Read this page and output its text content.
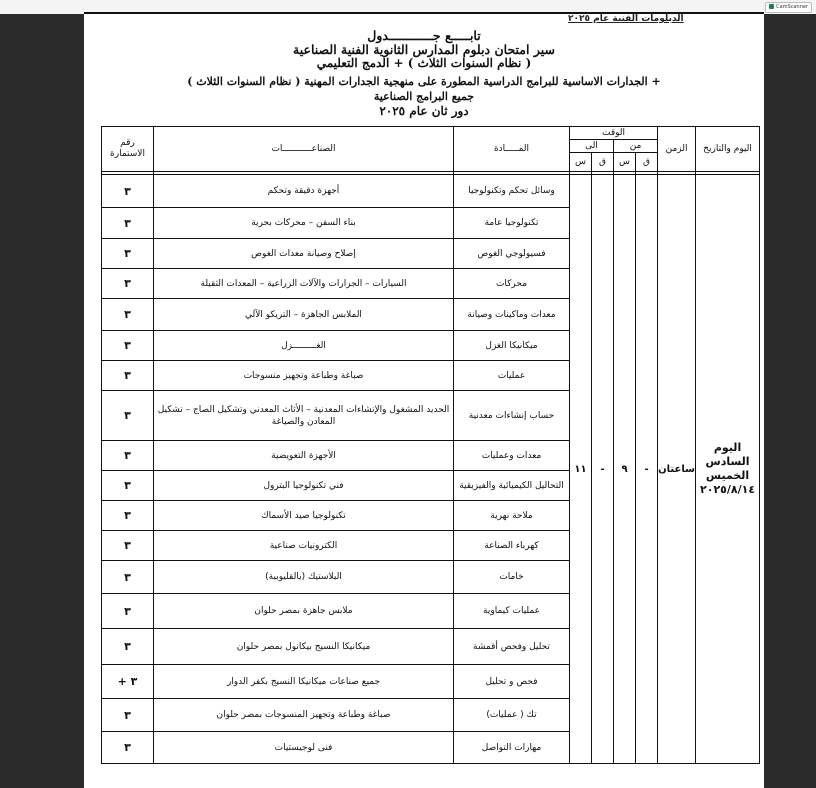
CamScanner
الدبلومات الفنية عام ٢٠٢٥
تابـــــع جــــــــــــدول
سير امتحان دبلوم المدارس الثانوية الفنية الصناعية
( نظام السنوات الثلاث ) + الدمج التعليمي
+ الجدارات الاساسية للبرامج الدراسية المطورة على منهجية الجدارات المهنية ( نظام السنوات الثلاث )
جميع البرامج الصناعية
دور ثان عام ٢٠٢٥
اليوم والتاريخ	الزمن	الوقت				المـــــادة	الصناعـــــــــــات	رقم الاستمارة
		من		الى				
		ق	س	ق	س			

اليوم السادس الخميس ٢٠٢٥/٨/١٤	ساعتان	-	٩	-	١١	وسائل تحكم وتكنولوجيا	أجهزة دقيقة وتحكم	٣
						تكنولوجيا عامة	بناء السفن – محركات بحرية	٣
						فسيولوجي الغوص	إصلاح وصيانة معدات الغوص	٣
						محركات	السيارات – الجرارات والآلات الزراعية – المعدات الثقيلة	٣
						معدات وماكينات وصيانة	الملابس الجاهزة – التريكو الآلي	٣
						ميكانيكا الغزل	الغـــــــــزل	٣
						عمليات	صباغة وطباعة وتجهيز منسوجات	٣
						حساب إنشاءات معدنية	الحديد المشغول والإنشاءات المعدنية – الأثاث المعدني وتشكيل الصاج – تشكيل المعادن والصياغة	٣
						معدات وعمليات	الأجهزة التعويضية	٣
						التحاليل الكيميائية والفيزيقية	فني تكنولوجيا البترول	٣
						ملاحة نهرية	تكنولوجيا صيد الأسماك	٣
						كهرباء الصناعة	الكترونيات صناعية	٣
						خامات	البلاستيك (بالقليوبية)	٣
						عمليات كيماوية	ملابس جاهزة بمصر حلوان	٣
						تحليل وفحص أقمشة	ميكانيكا النسيج بيكانول بمصر حلوان	٣
						فحص و تحليل	جميع صناعات ميكانيكا النسيج بكفر الدوار	٣ +
						تك ( عمليات)	صباغة وطباعة وتجهيز المنسوجات بمصر حلوان	٣
						مهارات التواصل	فنى لوجيستيات	٣
